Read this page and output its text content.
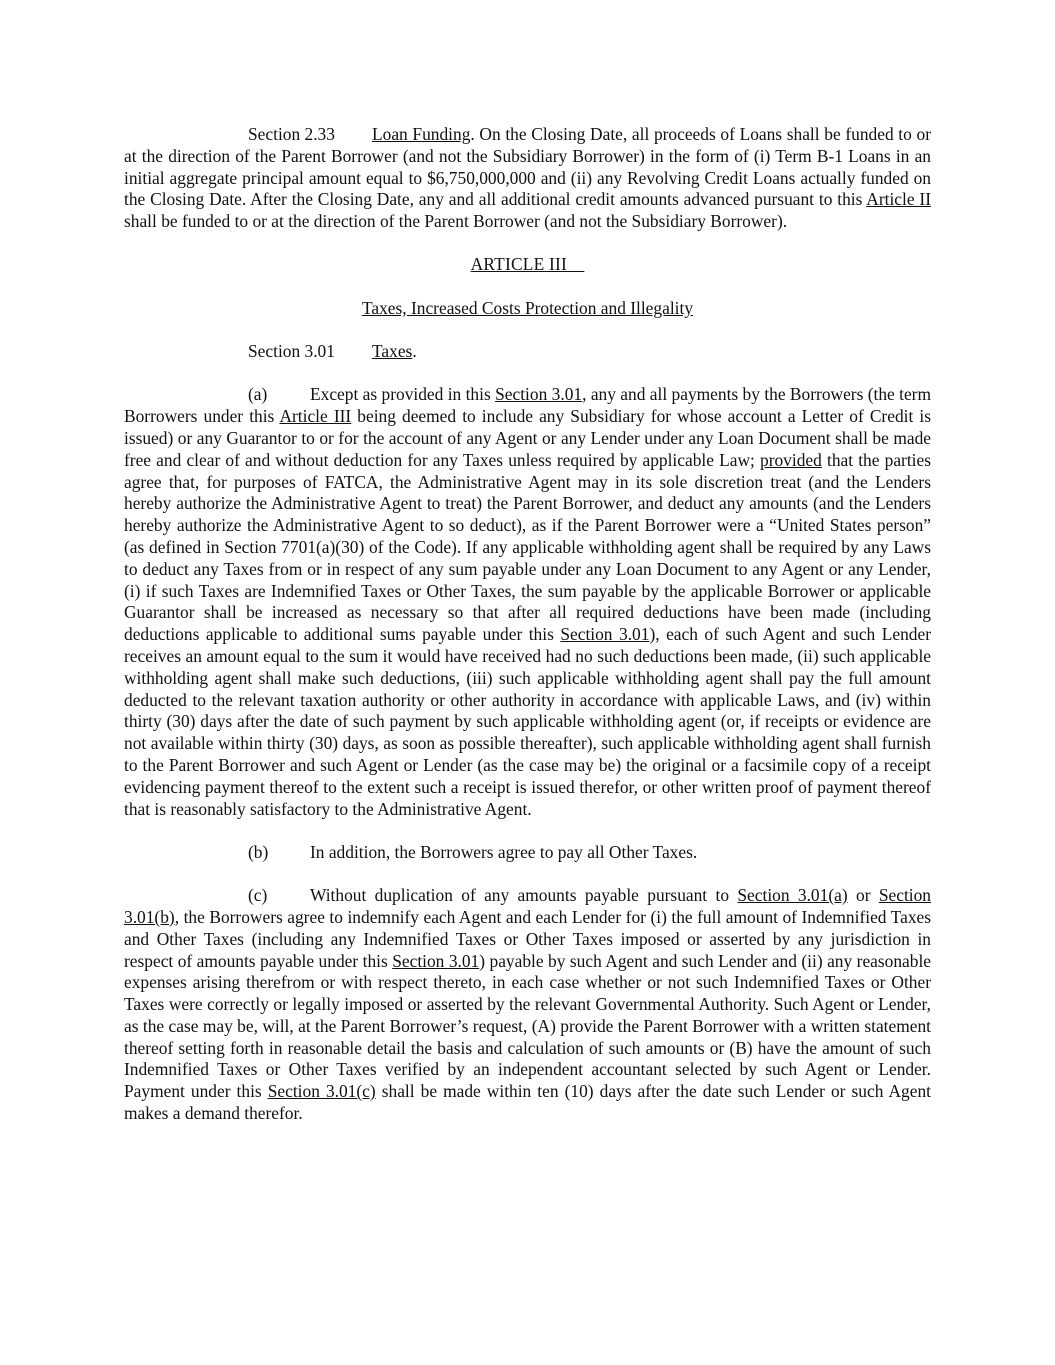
Section 2.33 Loan Funding. On the Closing Date, all proceeds of Loans shall be funded to or at the direction of the Parent Borrower (and not the Subsidiary Borrower) in the form of (i) Term B-1 Loans in an initial aggregate principal amount equal to $6,750,000,000 and (ii) any Revolving Credit Loans actually funded on the Closing Date. After the Closing Date, any and all additional credit amounts advanced pursuant to this Article II shall be funded to or at the direction of the Parent Borrower (and not the Subsidiary Borrower).

ARTICLE III

Taxes, Increased Costs Protection and Illegality

Section 3.01 Taxes.

(a) Except as provided in this Section 3.01, any and all payments by the Borrowers (the term Borrowers under this Article III being deemed to include any Subsidiary for whose account a Letter of Credit is issued) or any Guarantor to or for the account of any Agent or any Lender under any Loan Document shall be made free and clear of and without deduction for any Taxes unless required by applicable Law; provided that the parties agree that, for purposes of FATCA, the Administrative Agent may in its sole discretion treat (and the Lenders hereby authorize the Administrative Agent to treat) the Parent Borrower, and deduct any amounts (and the Lenders hereby authorize the Administrative Agent to so deduct), as if the Parent Borrower were a “United States person” (as defined in Section 7701(a)(30) of the Code). If any applicable withholding agent shall be required by any Laws to deduct any Taxes from or in respect of any sum payable under any Loan Document to any Agent or any Lender, (i) if such Taxes are Indemnified Taxes or Other Taxes, the sum payable by the applicable Borrower or applicable Guarantor shall be increased as necessary so that after all required deductions have been made (including deductions applicable to additional sums payable under this Section 3.01), each of such Agent and such Lender receives an amount equal to the sum it would have received had no such deductions been made, (ii) such applicable withholding agent shall make such deductions, (iii) such applicable withholding agent shall pay the full amount deducted to the relevant taxation authority or other authority in accordance with applicable Laws, and (iv) within thirty (30) days after the date of such payment by such applicable withholding agent (or, if receipts or evidence are not available within thirty (30) days, as soon as possible thereafter), such applicable withholding agent shall furnish to the Parent Borrower and such Agent or Lender (as the case may be) the original or a facsimile copy of a receipt evidencing payment thereof to the extent such a receipt is issued therefor, or other written proof of payment thereof that is reasonably satisfactory to the Administrative Agent.

(b) In addition, the Borrowers agree to pay all Other Taxes.

(c) Without duplication of any amounts payable pursuant to Section 3.01(a) or Section 3.01(b), the Borrowers agree to indemnify each Agent and each Lender for (i) the full amount of Indemnified Taxes and Other Taxes (including any Indemnified Taxes or Other Taxes imposed or asserted by any jurisdiction in respect of amounts payable under this Section 3.01) payable by such Agent and such Lender and (ii) any reasonable expenses arising therefrom or with respect thereto, in each case whether or not such Indemnified Taxes or Other Taxes were correctly or legally imposed or asserted by the relevant Governmental Authority. Such Agent or Lender, as the case may be, will, at the Parent Borrower’s request, (A) provide the Parent Borrower with a written statement thereof setting forth in reasonable detail the basis and calculation of such amounts or (B) have the amount of such Indemnified Taxes or Other Taxes verified by an independent accountant selected by such Agent or Lender. Payment under this Section 3.01(c) shall be made within ten (10) days after the date such Lender or such Agent makes a demand therefor.
